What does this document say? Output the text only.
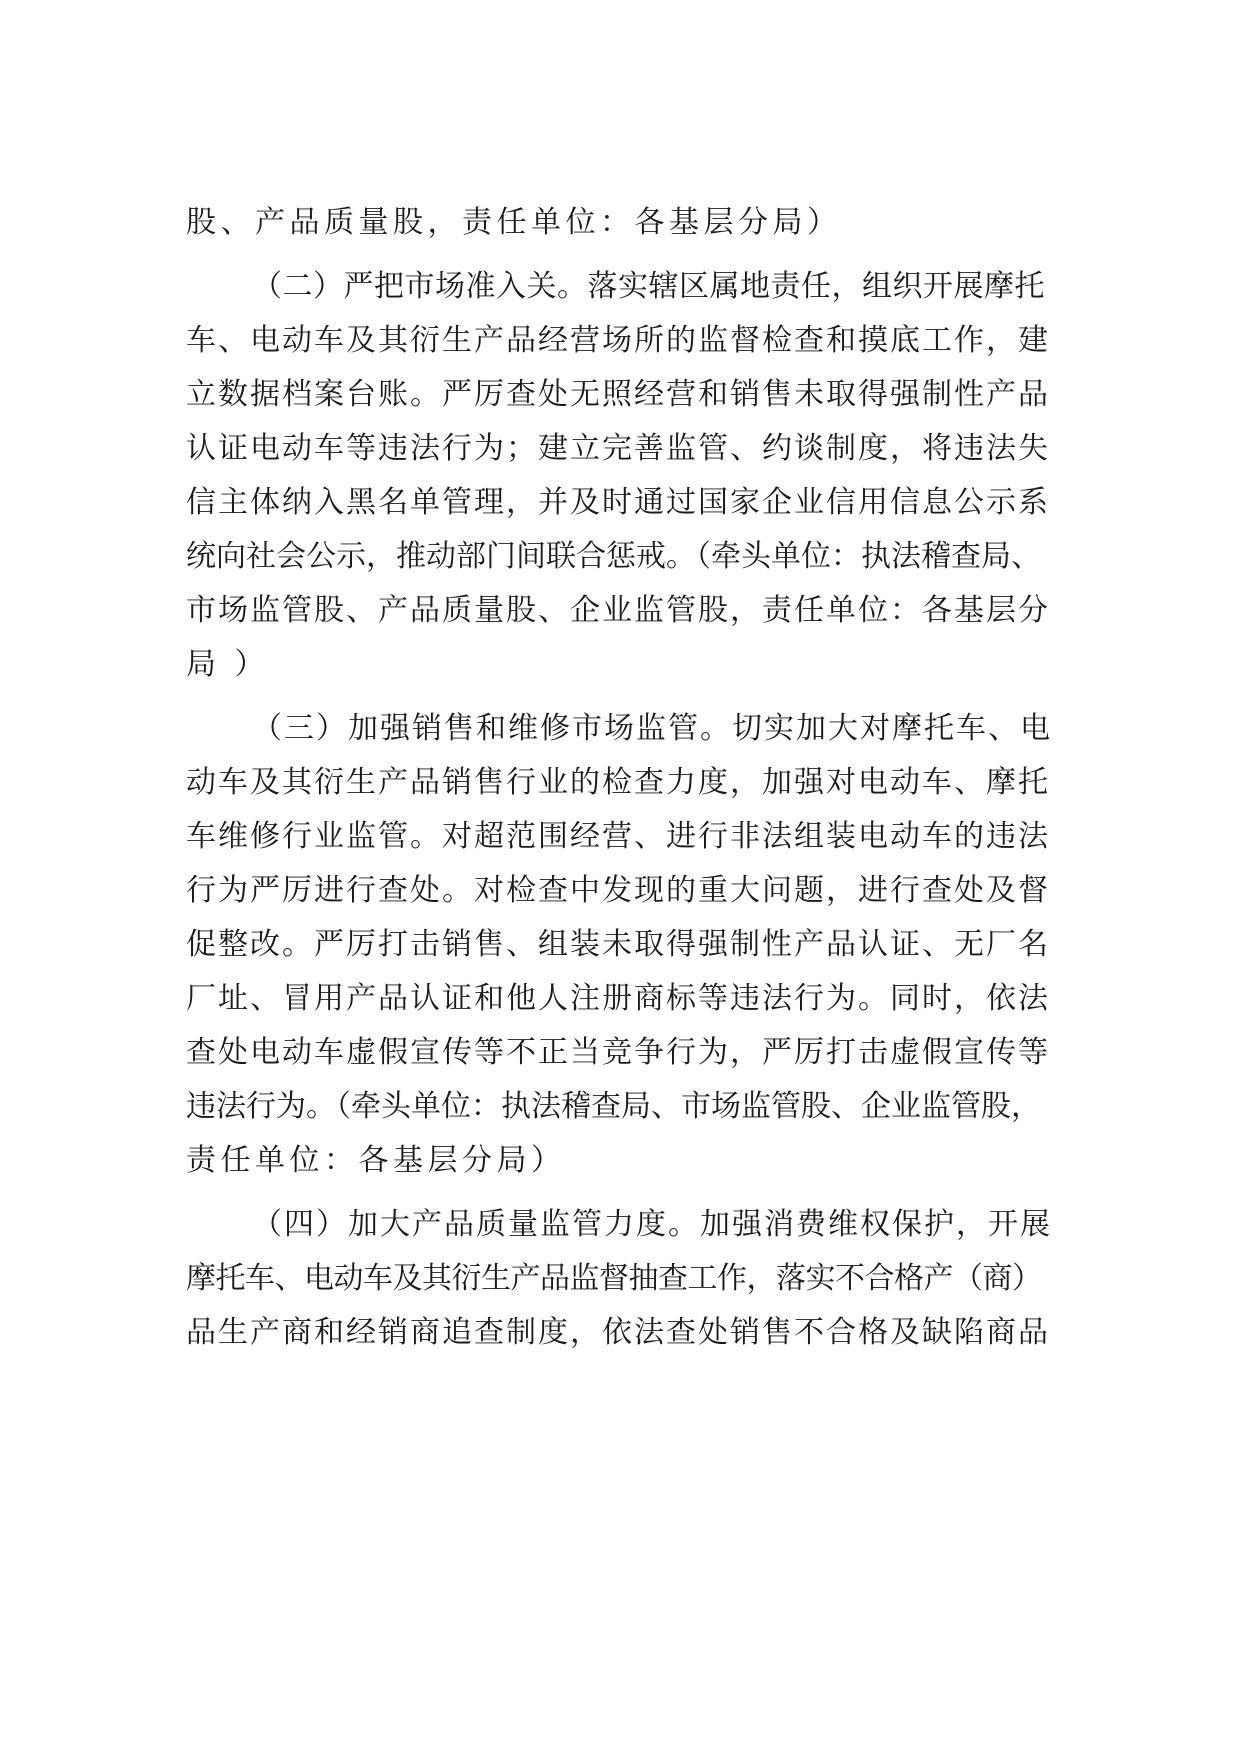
股、产品质量股，责任单位：各基层分局）
（二）严把市场准入关。落实辖区属地责任，组织开展摩托
车、电动车及其衍生产品经营场所的监督检查和摸底工作，建
立数据档案台账。严厉查处无照经营和销售未取得强制性产品
认证电动车等违法行为；建立完善监管、约谈制度，将违法失
信主体纳入黑名单管理，并及时通过国家企业信用信息公示系
统向社会公示，推动部门间联合惩戒。（牵头单位：执法稽查局、
市场监管股、产品质量股、企业监管股，责任单位：各基层分
局 ）
（三）加强销售和维修市场监管。切实加大对摩托车、电
动车及其衍生产品销售行业的检查力度，加强对电动车、摩托
车维修行业监管。对超范围经营、进行非法组装电动车的违法
行为严厉进行查处。对检查中发现的重大问题，进行查处及督
促整改。严厉打击销售、组装未取得强制性产品认证、无厂名
厂址、冒用产品认证和他人注册商标等违法行为。同时，依法
查处电动车虚假宣传等不正当竞争行为，严厉打击虚假宣传等
违法行为。（牵头单位：执法稽查局、市场监管股、企业监管股，
责任单位：各基层分局）
（四）加大产品质量监管力度。加强消费维权保护，开展
摩托车、电动车及其衍生产品监督抽查工作，落实不合格产（商）
品生产商和经销商追查制度，依法查处销售不合格及缺陷商品
